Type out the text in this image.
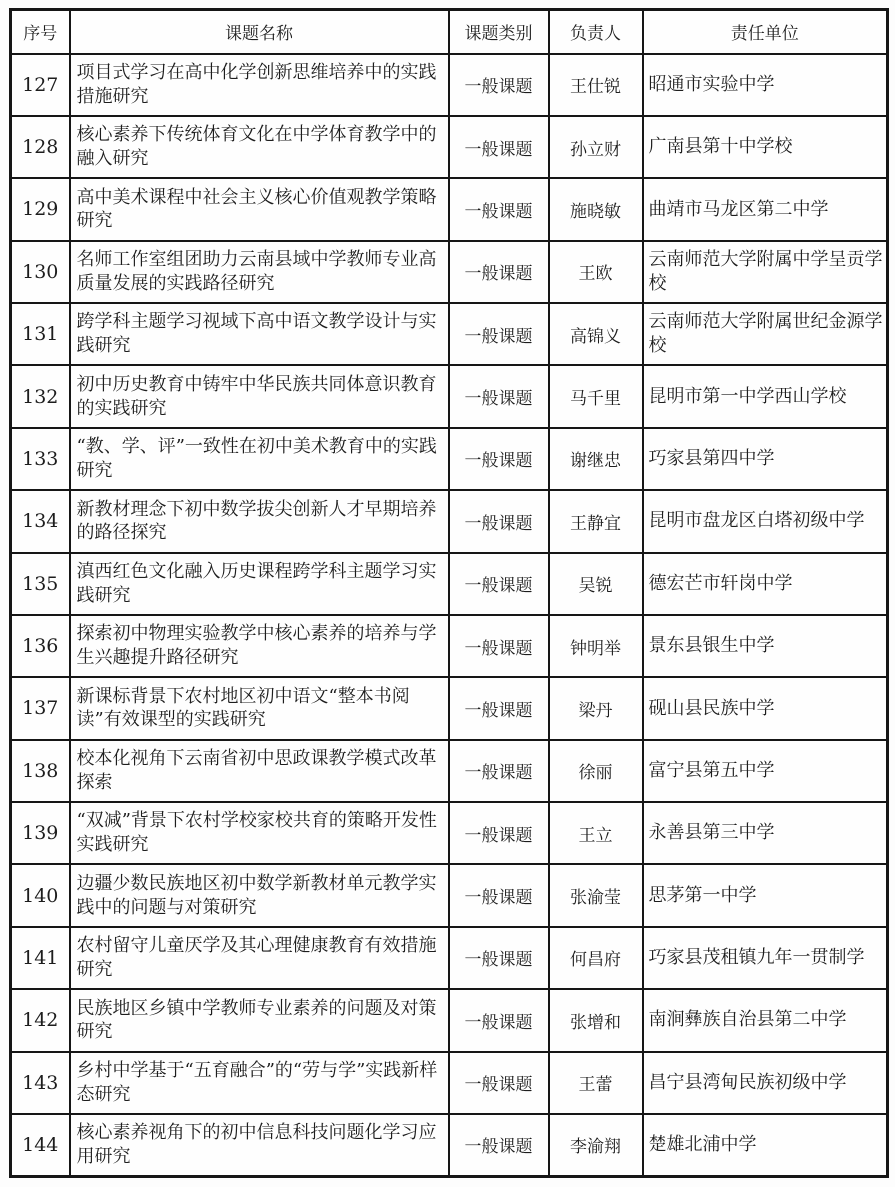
序号	课题名称	课题类别	负责人	责任单位
127	项目式学习在高中化学创新思维培养中的实践措施研究	一般课题	王仕锐	昭通市实验中学
128	核心素养下传统体育文化在中学体育教学中的融入研究	一般课题	孙立财	广南县第十中学校
129	高中美术课程中社会主义核心价值观教学策略研究	一般课题	施晓敏	曲靖市马龙区第二中学
130	名师工作室组团助力云南县域中学教师专业高质量发展的实践路径研究	一般课题	王欧	云南师范大学附属中学呈贡学校
131	跨学科主题学习视域下高中语文教学设计与实践研究	一般课题	高锦义	云南师范大学附属世纪金源学校
132	初中历史教育中铸牢中华民族共同体意识教育的实践研究	一般课题	马千里	昆明市第一中学西山学校
133	“教、学、评”一致性在初中美术教育中的实践研究	一般课题	谢继忠	巧家县第四中学
134	新教材理念下初中数学拔尖创新人才早期培养的路径探究	一般课题	王静宜	昆明市盘龙区白塔初级中学
135	滇西红色文化融入历史课程跨学科主题学习实践研究	一般课题	吴锐	德宏芒市轩岗中学
136	探索初中物理实验教学中核心素养的培养与学生兴趣提升路径研究	一般课题	钟明举	景东县银生中学
137	新课标背景下农村地区初中语文“整本书阅读”有效课型的实践研究	一般课题	梁丹	砚山县民族中学
138	校本化视角下云南省初中思政课教学模式改革探索	一般课题	徐丽	富宁县第五中学
139	“双减”背景下农村学校家校共育的策略开发性实践研究	一般课题	王立	永善县第三中学
140	边疆少数民族地区初中数学新教材单元教学实践中的问题与对策研究	一般课题	张渝莹	思茅第一中学
141	农村留守儿童厌学及其心理健康教育有效措施研究	一般课题	何昌府	巧家县茂租镇九年一贯制学
142	民族地区乡镇中学教师专业素养的问题及对策研究	一般课题	张增和	南涧彝族自治县第二中学
143	乡村中学基于“五育融合”的“劳与学”实践新样态研究	一般课题	王蕾	昌宁县湾甸民族初级中学
144	核心素养视角下的初中信息科技问题化学习应用研究	一般课题	李渝翔	楚雄北浦中学
